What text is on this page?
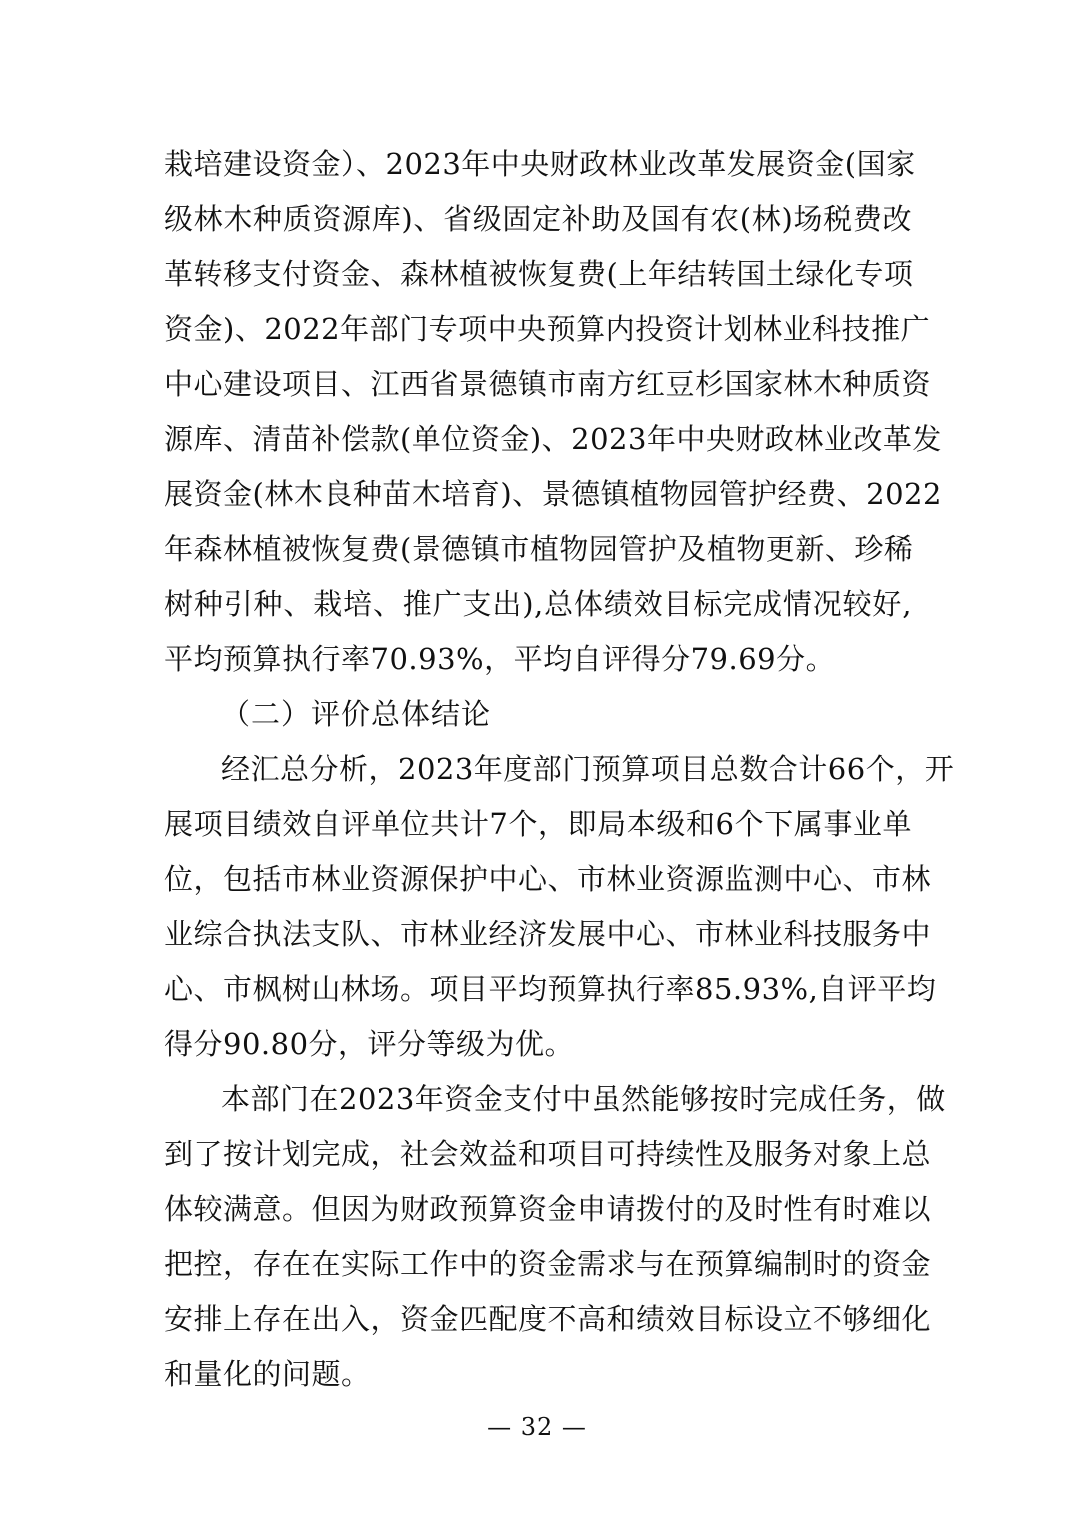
栽培建设资金）、2023年中央财政林业改革发展资金(国家
级林木种质资源库)、省级固定补助及国有农(林)场税费改
革转移支付资金、森林植被恢复费(上年结转国土绿化专项
资金)、2022年部门专项中央预算内投资计划林业科技推广
中心建设项目、江西省景德镇市南方红豆杉国家林木种质资
源库、清苗补偿款(单位资金)、2023年中央财政林业改革发
展资金(林木良种苗木培育)、景德镇植物园管护经费、2022
年森林植被恢复费(景德镇市植物园管护及植物更新、珍稀
树种引种、栽培、推广支出),总体绩效目标完成情况较好,
平均预算执行率70.93%，平均自评得分79.69分。
（二）评价总体结论
经汇总分析，2023年度部门预算项目总数合计66个，开
展项目绩效自评单位共计7个，即局本级和6个下属事业单
位，包括市林业资源保护中心、市林业资源监测中心、市林
业综合执法支队、市林业经济发展中心、市林业科技服务中
心、市枫树山林场。项目平均预算执行率85.93%,自评平均
得分90.80分，评分等级为优。
本部门在2023年资金支付中虽然能够按时完成任务，做
到了按计划完成，社会效益和项目可持续性及服务对象上总
体较满意。但因为财政预算资金申请拨付的及时性有时难以
把控，存在在实际工作中的资金需求与在预算编制时的资金
安排上存在出入，资金匹配度不高和绩效目标设立不够细化
和量化的问题。
— 32 —
